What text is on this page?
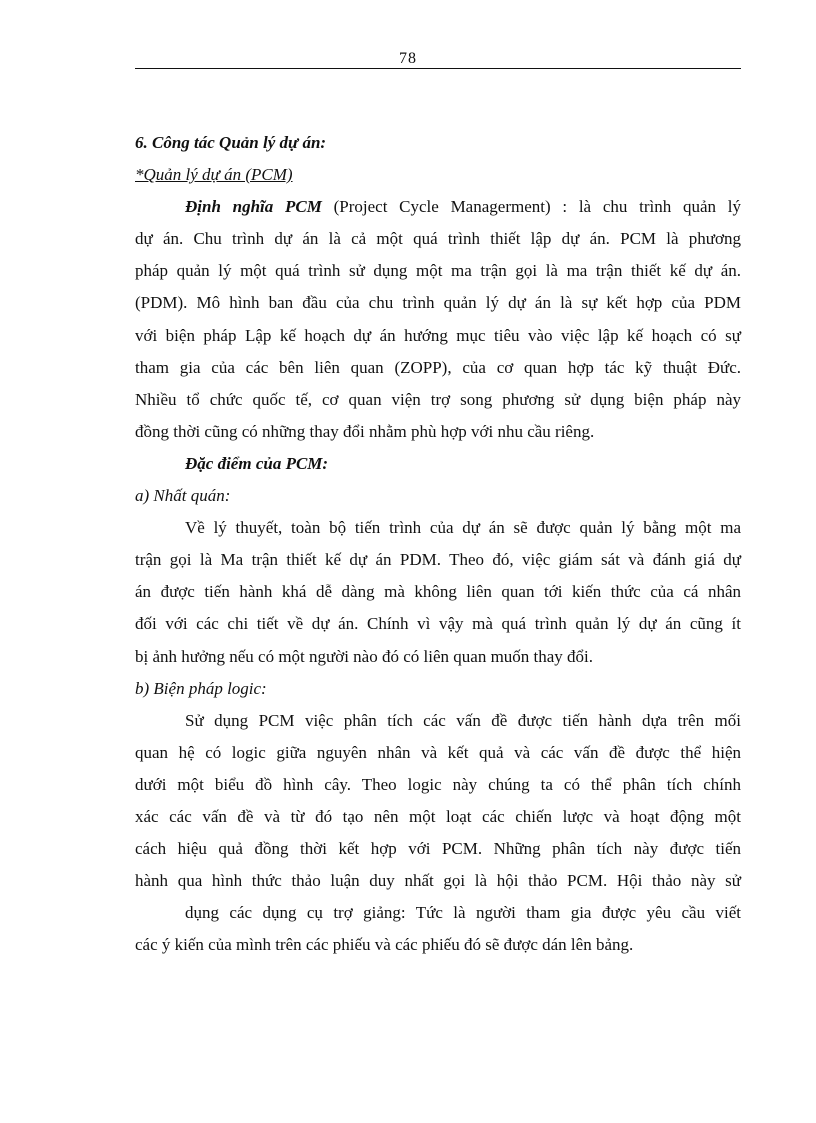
78
6. Công tác Quản lý dự án:
*Quản lý dự án (PCM)
Định nghĩa PCM (Project Cycle Managerment) : là chu trình quản lý
dự án. Chu trình dự án là cả một quá trình thiết lập dự án. PCM là phương
pháp quản lý một quá trình sử dụng một ma trận gọi là ma trận thiết kế dự án.
(PDM). Mô hình ban đầu của chu trình quản lý dự án là sự kết hợp của PDM
với biện pháp Lập kế hoạch dự án hướng mục tiêu vào việc lập kế hoạch có sự
tham gia của các bên liên quan (ZOPP), của cơ quan hợp tác kỹ thuật Đức.
Nhiều tổ chức quốc tế, cơ quan viện trợ song phương sử dụng biện pháp này
đồng thời cũng có những thay đổi nhằm phù hợp với nhu cầu riêng.
Đặc điểm của PCM:
a) Nhất quán:
Về lý thuyết, toàn bộ tiến trình của dự án sẽ được quản lý bằng một ma
trận gọi là Ma trận thiết kế dự án PDM. Theo đó, việc giám sát và đánh giá dự
án được tiến hành khá dễ dàng mà không liên quan tới kiến thức của cá nhân
đối với các chi tiết về dự án. Chính vì vậy mà quá trình quản lý dự án cũng ít
bị ảnh hưởng nếu có một người nào đó có liên quan muốn thay đổi.
b) Biện pháp logic:
Sử dụng PCM việc phân tích các vấn đề được tiến hành dựa trên mối
quan hệ có logic giữa nguyên nhân và kết quả và các vấn đề được thể hiện
dưới một biểu đồ hình cây. Theo logic này chúng ta có thể phân tích chính
xác các vấn đề và từ đó tạo nên một loạt các chiến lược và hoạt động một
cách hiệu quả đồng thời kết hợp với PCM. Những phân tích này được tiến
hành qua hình thức thảo luận duy nhất gọi là hội thảo PCM. Hội thảo này sử
dụng các dụng cụ trợ giảng: Tức là người tham gia được yêu cầu viết
các ý kiến của mình trên các phiếu và các phiếu đó sẽ được dán lên bảng.
